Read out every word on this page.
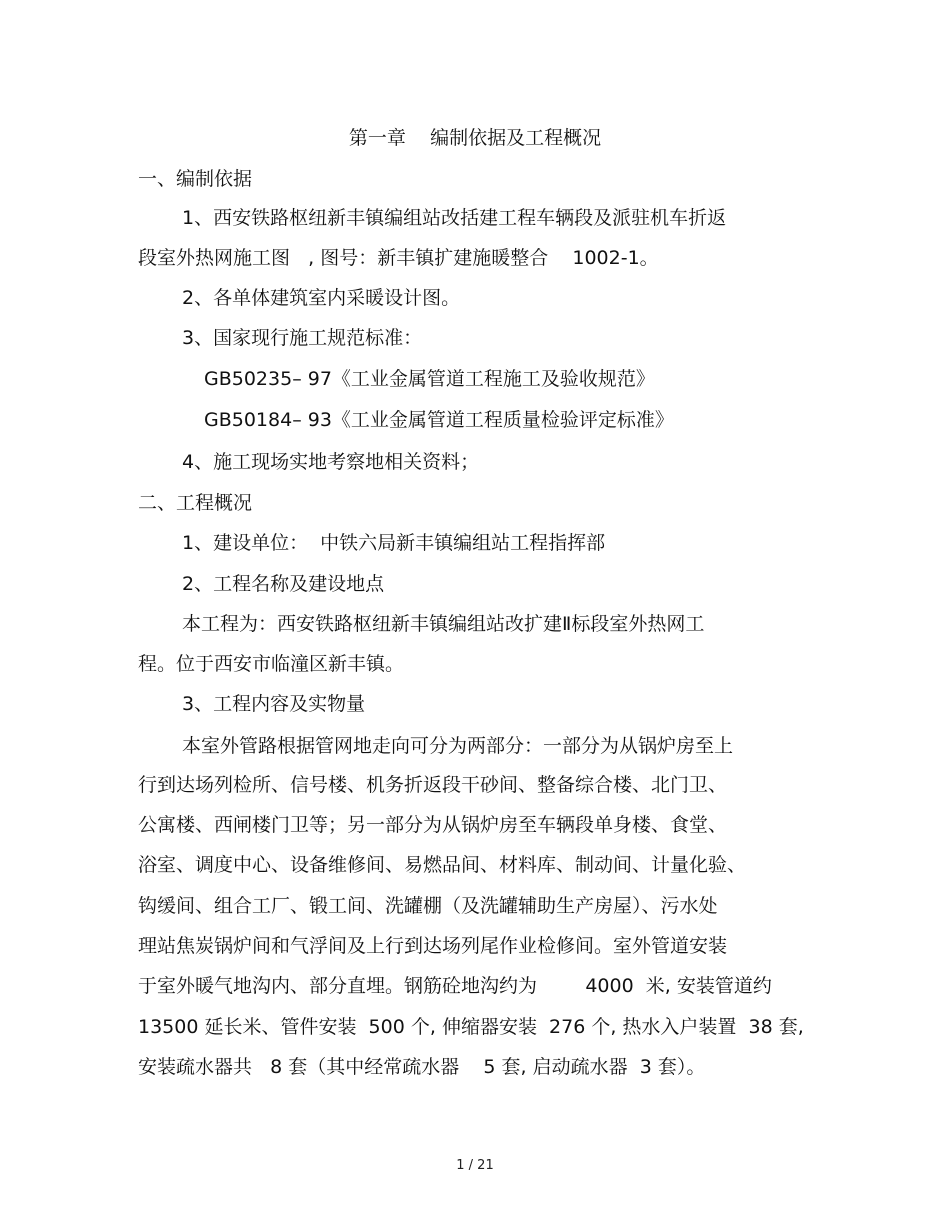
第一章    编制依据及工程概况
一、编制依据
1、西安铁路枢纽新丰镇编组站改括建工程车辆段及派驻机车折返
段室外热网施工图   , 图号：新丰镇扩建施暖整合    1002-1。
2、各单体建筑室内采暖设计图。
3、国家现行施工规范标准：
GB50235– 97《工业金属管道工程施工及验收规范》
GB50184– 93《工业金属管道工程质量检验评定标准》
4、施工现场实地考察地相关资料；
二、工程概况
1、建设单位：  中铁六局新丰镇编组站工程指挥部
2、工程名称及建设地点
本工程为：西安铁路枢纽新丰镇编组站改扩建Ⅱ标段室外热网工
程。位于西安市临潼区新丰镇。
3、工程内容及实物量
本室外管路根据管网地走向可分为两部分：一部分为从锅炉房至上
行到达场列检所、信号楼、机务折返段干砂间、整备综合楼、北门卫、
公寓楼、西闸楼门卫等；另一部分为从锅炉房至车辆段单身楼、食堂、
浴室、调度中心、设备维修间、易燃品间、材料库、制动间、计量化验、
钩缓间、组合工厂、锻工间、洗罐棚（及洗罐辅助生产房屋）、污水处
理站焦炭锅炉间和气浮间及上行到达场列尾作业检修间。室外管道安装
于室外暖气地沟内、部分直埋。钢筋砼地沟约为        4000  米, 安装管道约
13500 延长米、管件安装  500 个, 伸缩器安装  276 个, 热水入户装置  38 套,
安装疏水器共   8 套（其中经常疏水器    5 套, 启动疏水器  3 套）。
1 / 21
